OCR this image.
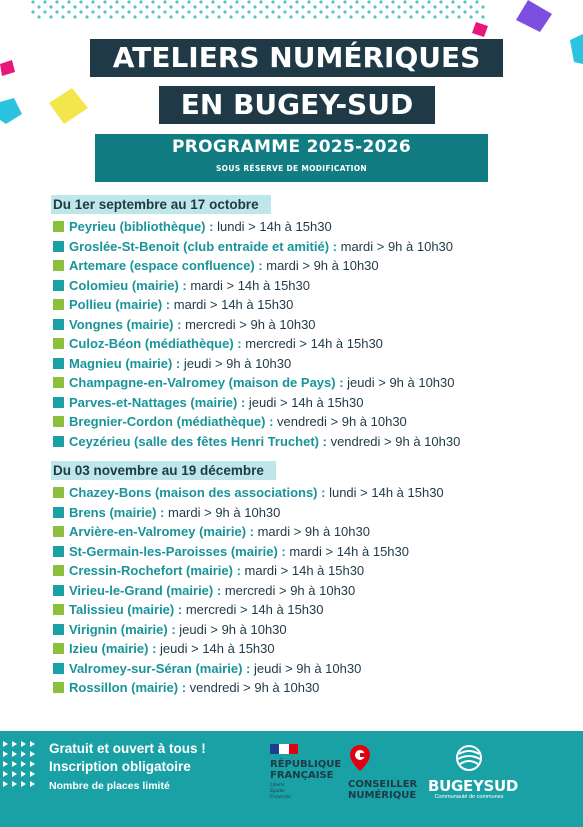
ATELIERS NUMÉRIQUES
EN BUGEY-SUD
PROGRAMME 2025-2026
SOUS RÉSERVE DE MODIFICATION
Du 1er septembre au 17 octobre
Peyrieu (bibliothèque) :
lundi > 14h à 15h30
Groslée-St-Benoit (club entraide et amitié) :
mardi > 9h à 10h30
Artemare (espace confluence) :
mardi > 9h à 10h30
Colomieu (mairie) :
mardi > 14h à 15h30
Pollieu (mairie) :
mardi > 14h à 15h30
Vongnes (mairie) :
mercredi > 9h à 10h30
Culoz-Béon (médiathèque) :
mercredi > 14h à 15h30
Magnieu (mairie) :
jeudi > 9h à 10h30
Champagne-en-Valromey (maison de Pays) :
jeudi > 9h à 10h30
Parves-et-Nattages (mairie) :
jeudi > 14h à 15h30
Bregnier-Cordon (médiathèque) :
vendredi > 9h à 10h30
Ceyzérieu (salle des fêtes Henri Truchet) :
vendredi > 9h à 10h30
Du 03 novembre au 19 décembre
Chazey-Bons (maison des associations) :
lundi > 14h à 15h30
Brens (mairie) :
mardi > 9h à 10h30
Arvière-en-Valromey (mairie) :
mardi > 9h à 10h30
St-Germain-les-Paroisses (mairie) :
mardi > 14h à 15h30
Cressin-Rochefort (mairie) :
mardi > 14h à 15h30
Virieu-le-Grand (mairie) :
mercredi > 9h à 10h30
Talissieu (mairie) :
mercredi > 14h à 15h30
Virignin (mairie) :
jeudi > 9h à 10h30
Izieu (mairie) :
jeudi > 14h à 15h30
Valromey-sur-Séran (mairie) :
jeudi > 9h à 10h30
Rossillon (mairie) :
vendredi > 9h à 10h30
Gratuit et ouvert à tous !
Inscription obligatoire
Nombre de places limité
RÉPUBLIQUE
FRANÇAISE
Liberté
Égalité
Fraternité
CONSEILLER
NUMÉRIQUE
BUGEYSUD
Communauté de communes
